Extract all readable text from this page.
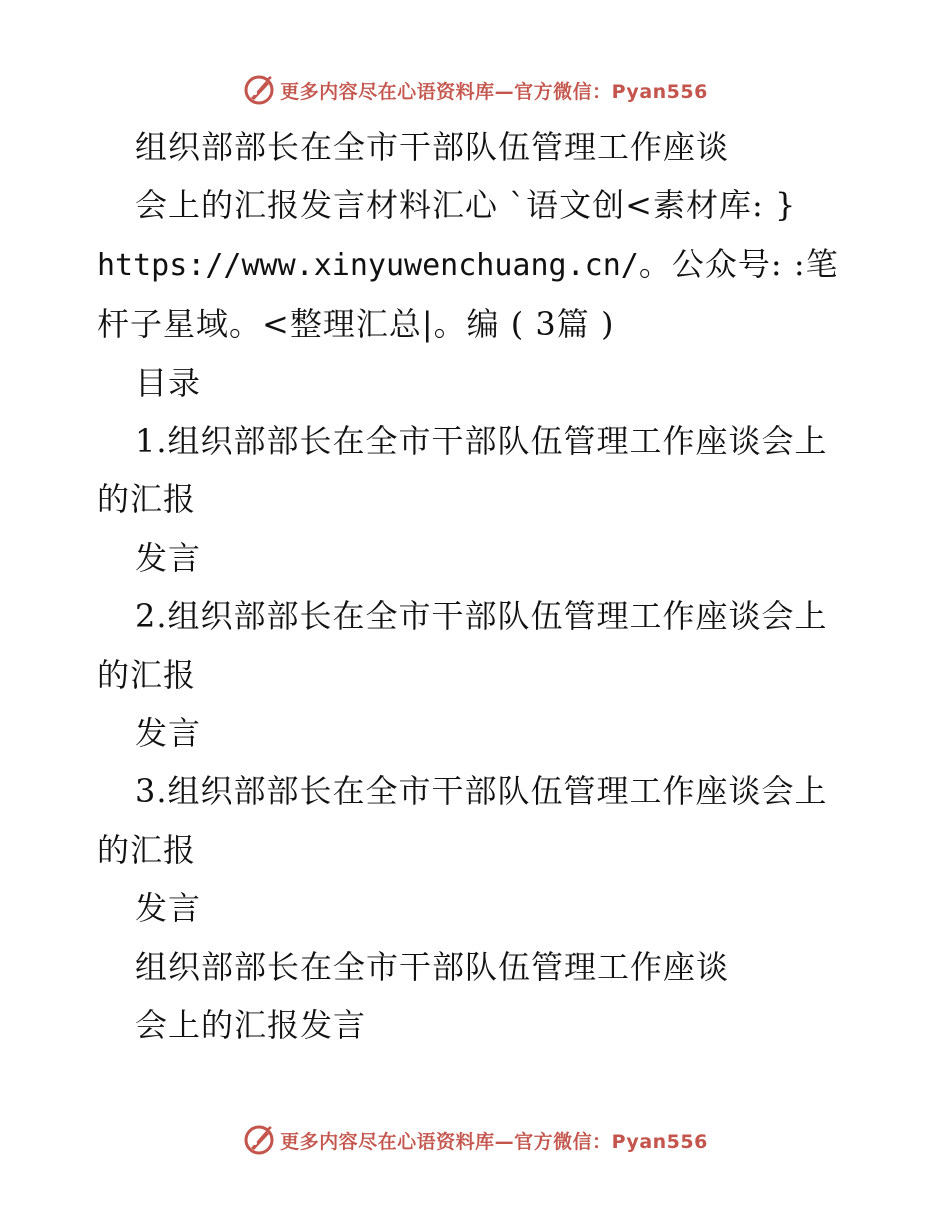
更多内容尽在心语资料库—官方微信：Pyan556
组织部部长在全市干部队伍管理工作座谈
会上的汇报发言材料汇心 `语文创<素材库: }
https://www.xinyuwenchuang.cn/。公众号: :笔
杆子星域。<整理汇总|。编 ( 3篇 )
目录
1.组织部部长在全市干部队伍管理工作座谈会上
的汇报
发言
2.组织部部长在全市干部队伍管理工作座谈会上
的汇报
发言
3.组织部部长在全市干部队伍管理工作座谈会上
的汇报
发言
组织部部长在全市干部队伍管理工作座谈
会上的汇报发言
更多内容尽在心语资料库—官方微信：Pyan556
